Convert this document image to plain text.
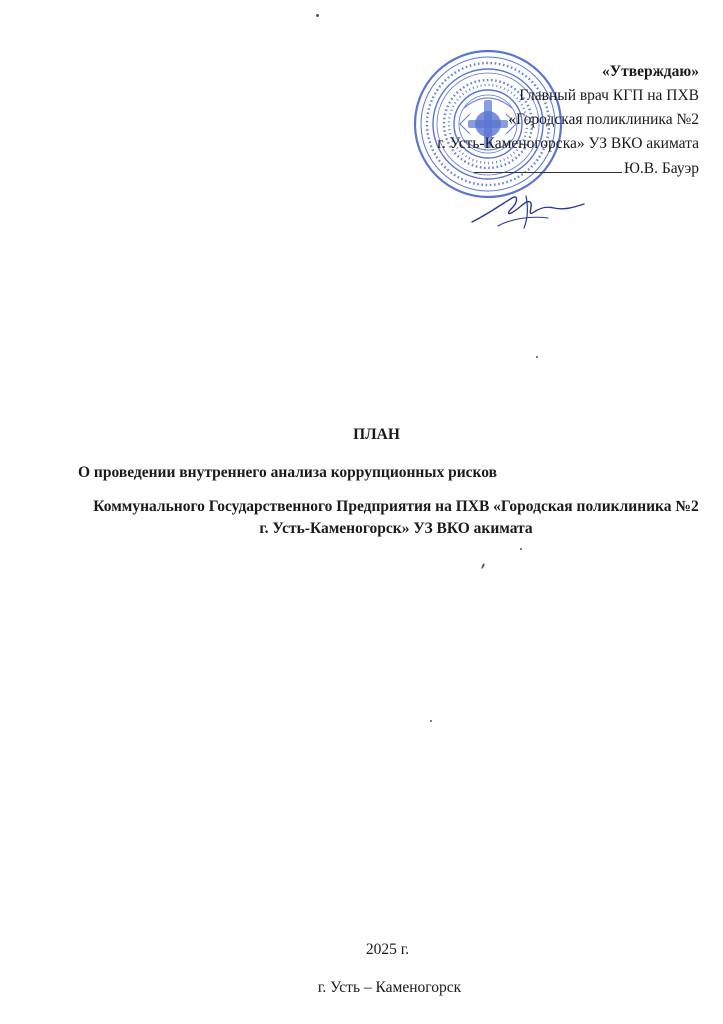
«Утверждаю»
Главный врач КГП на ПХВ
«Городская поликлиника №2
г. Усть-Каменогорска» УЗ ВКО акимата
Ю.В. Бауэр
ПЛАН
О проведении внутреннего анализа коррупционных рисков
Коммунального Государственного Предприятия на ПХВ «Городская поликлиника №2 г. Усть-Каменогорск» УЗ ВКО акимата
2025 г.
г. Усть – Каменогорск
